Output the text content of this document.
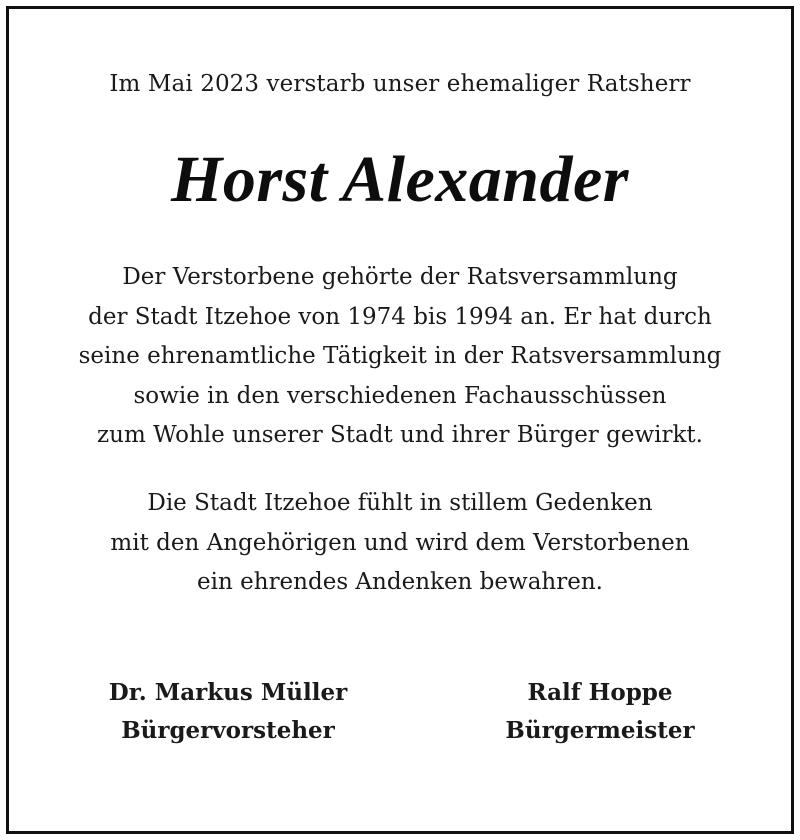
Im Mai 2023 verstarb unser ehemaliger Ratsherr
Horst Alexander
Der Verstorbene gehörte der Ratsversammlung
der Stadt Itzehoe von 1974 bis 1994 an. Er hat durch
seine ehrenamtliche Tätigkeit in der Ratsversammlung
sowie in den verschiedenen Fachausschüssen
zum Wohle unserer Stadt und ihrer Bürger gewirkt.
Die Stadt Itzehoe fühlt in stillem Gedenken
mit den Angehörigen und wird dem Verstorbenen
ein ehrendes Andenken bewahren.
Dr. Markus Müller
Bürgervorsteher
Ralf Hoppe
Bürgermeister
